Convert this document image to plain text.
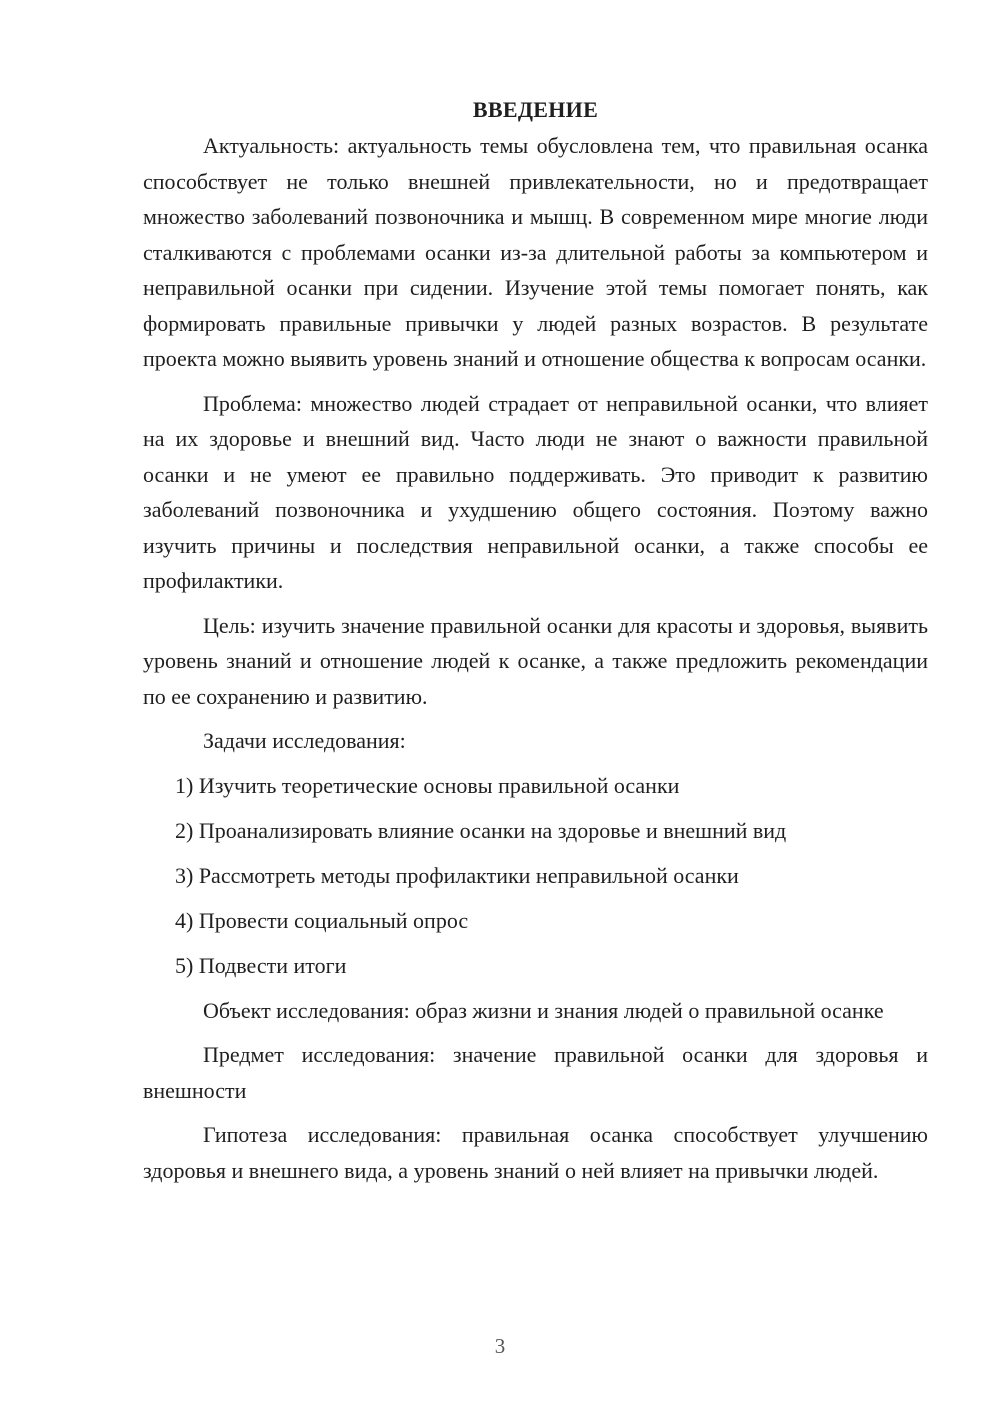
ВВЕДЕНИЕ

Актуальность: актуальность темы обусловлена тем, что правильная осанка способствует не только внешней привлекательности, но и предотвращает множество заболеваний позвоночника и мышц. В современном мире многие люди сталкиваются с проблемами осанки из-за длительной работы за компьютером и неправильной осанки при сидении. Изучение этой темы помогает понять, как формировать правильные привычки у людей разных возрастов. В результате проекта можно выявить уровень знаний и отношение общества к вопросам осанки.

Проблема: множество людей страдает от неправильной осанки, что влияет на их здоровье и внешний вид. Часто люди не знают о важности правильной осанки и не умеют ее правильно поддерживать. Это приводит к развитию заболеваний позвоночника и ухудшению общего состояния. Поэтому важно изучить причины и последствия неправильной осанки, а также способы ее профилактики.

Цель: изучить значение правильной осанки для красоты и здоровья, выявить уровень знаний и отношение людей к осанке, а также предложить рекомендации по ее сохранению и развитию.

Задачи исследования:

1) Изучить теоретические основы правильной осанки
2) Проанализировать влияние осанки на здоровье и внешний вид
3) Рассмотреть методы профилактики неправильной осанки
4) Провести социальный опрос
5) Подвести итоги

Объект исследования: образ жизни и знания людей о правильной осанке

Предмет исследования: значение правильной осанки для здоровья и внешности

Гипотеза исследования: правильная осанка способствует улучшению здоровья и внешнего вида, а уровень знаний о ней влияет на привычки людей.

3
